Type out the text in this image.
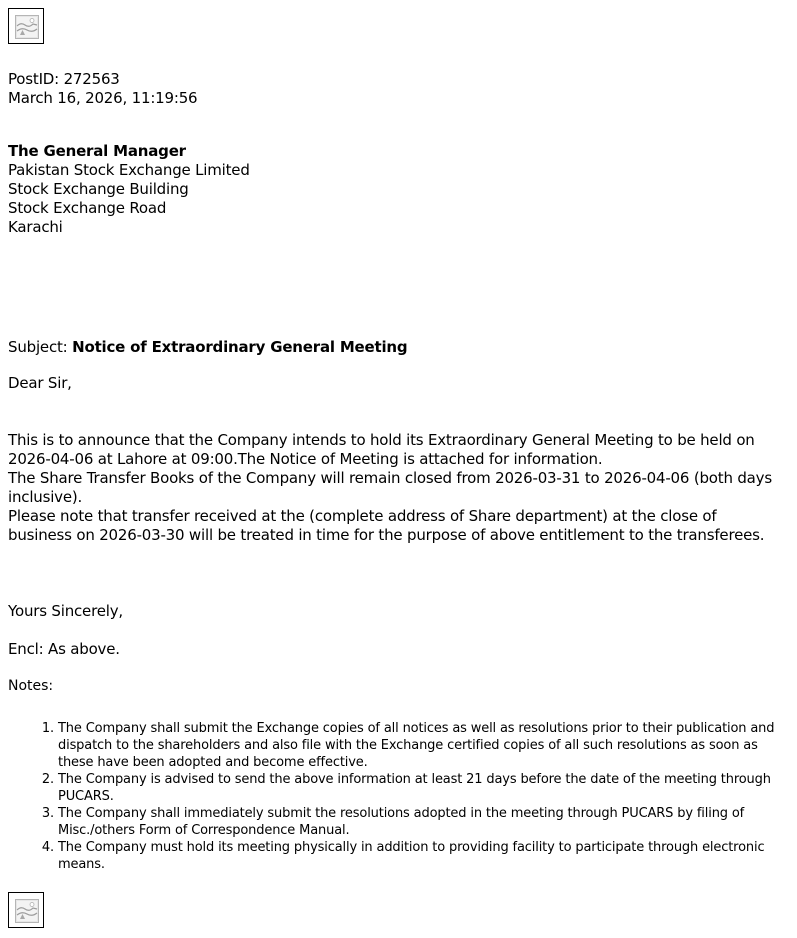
PostID: 272563
March 16, 2026, 11:19:56
The General Manager
Pakistan Stock Exchange Limited
Stock Exchange Building
Stock Exchange Road
Karachi
Subject: Notice of Extraordinary General Meeting
Dear Sir,

This is to announce that the Company intends to hold its Extraordinary General Meeting to be held on 2026-04-06 at Lahore at 09:00.The Notice of Meeting is attached for information.

The Share Transfer Books of the Company will remain closed from 2026-03-31 to 2026-04-06 (both days inclusive).

Please note that transfer received at the (complete address of Share department) at the close of business on 2026-03-30 will be treated in time for the purpose of above entitlement to the transferees.

Yours Sincerely,
Encl: As above.
Notes:
1. The Company shall submit the Exchange copies of all notices as well as resolutions prior to their publication and dispatch to the shareholders and also file with the Exchange certified copies of all such resolutions as soon as these have been adopted and become effective.
2. The Company is advised to send the above information at least 21 days before the date of the meeting through PUCARS.
3. The Company shall immediately submit the resolutions adopted in the meeting through PUCARS by filing of Misc./others Form of Correspondence Manual.
4. The Company must hold its meeting physically in addition to providing facility to participate through electronic means.
